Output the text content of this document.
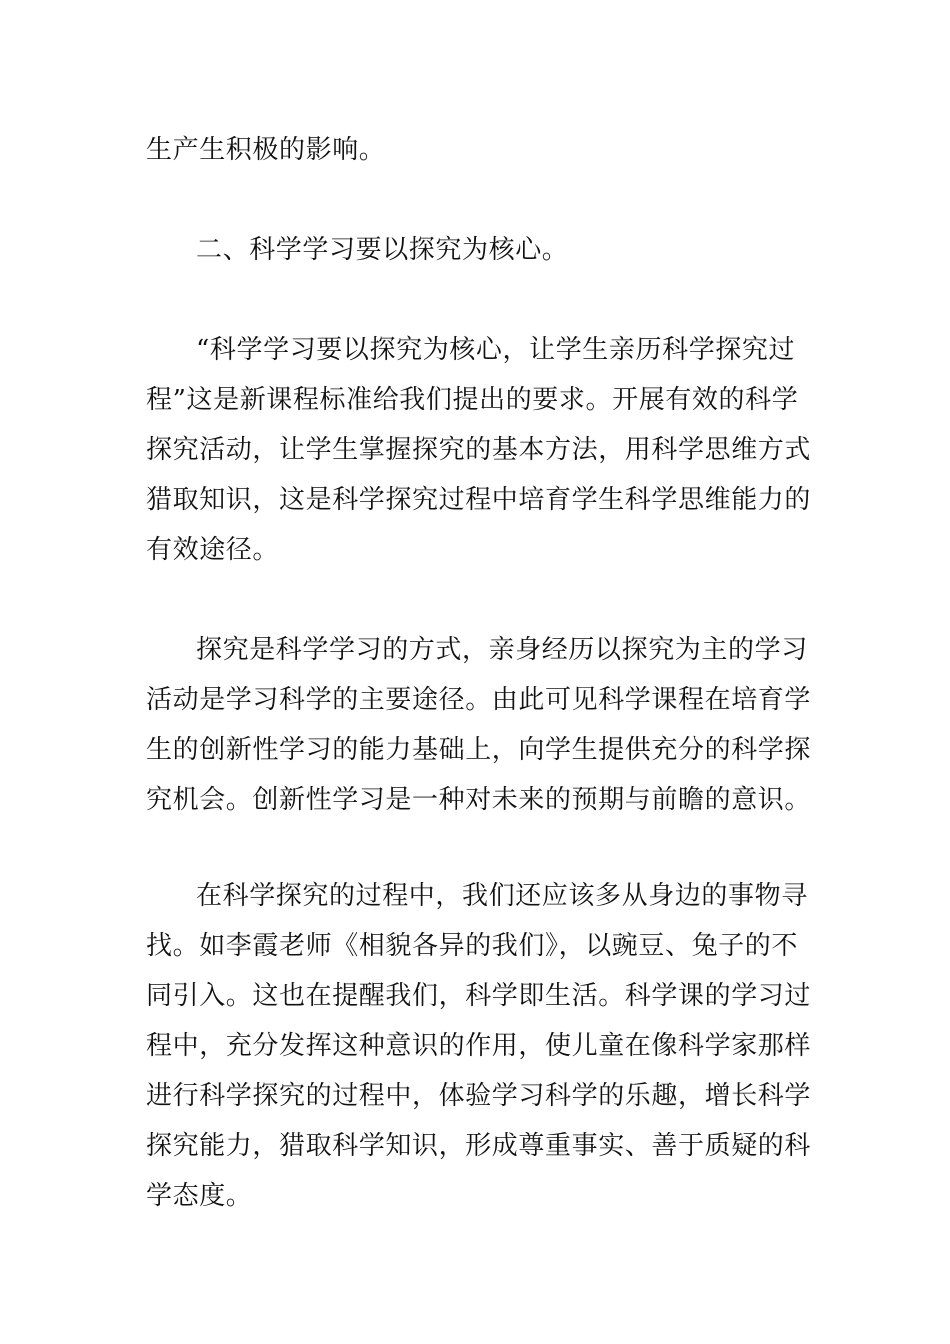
生产生积极的影响。

二、科学学习要以探究为核心。

“科学学习要以探究为核心，让学生亲历科学探究过

程”这是新课程标准给我们提出的要求。开展有效的科学

探究活动，让学生掌握探究的基本方法，用科学思维方式

猎取知识，这是科学探究过程中培育学生科学思维能力的

有效途径。

探究是科学学习的方式，亲身经历以探究为主的学习

活动是学习科学的主要途径。由此可见科学课程在培育学

生的创新性学习的能力基础上，向学生提供充分的科学探

究机会。创新性学习是一种对未来的预期与前瞻的意识。

在科学探究的过程中，我们还应该多从身边的事物寻

找。如李霞老师《相貌各异的我们》，以豌豆、兔子的不

同引入。这也在提醒我们，科学即生活。科学课的学习过

程中，充分发挥这种意识的作用，使儿童在像科学家那样

进行科学探究的过程中，体验学习科学的乐趣，增长科学

探究能力，猎取科学知识，形成尊重事实、善于质疑的科

学态度。
